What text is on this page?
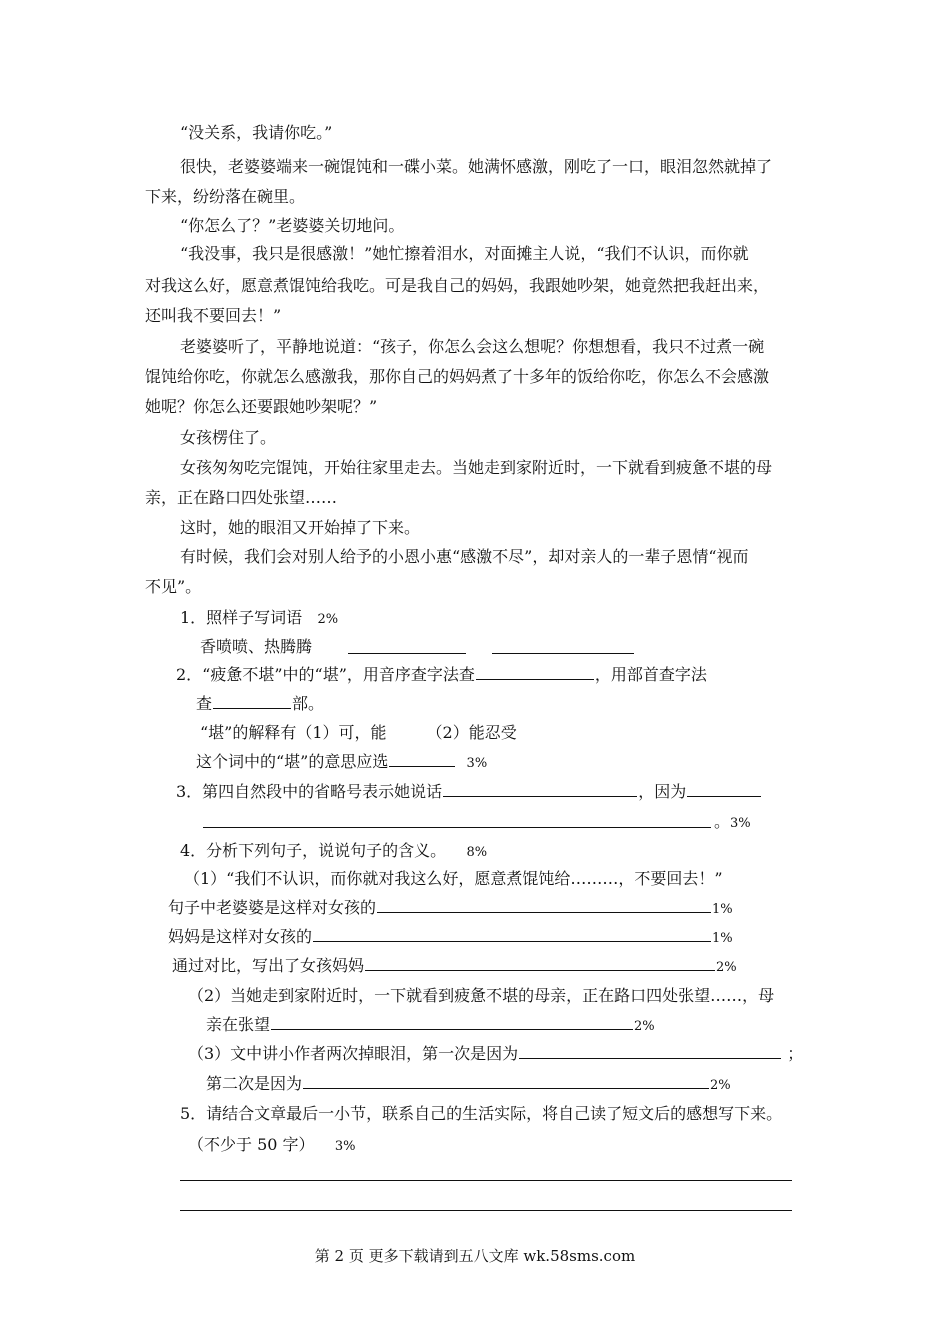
“没关系，我请你吃。”
很快，老婆婆端来一碗馄饨和一碟小菜。她满怀感激，刚吃了一口，眼泪忽然就掉了
下来，纷纷落在碗里。
“你怎么了？”老婆婆关切地问。
“我没事，我只是很感激！”她忙擦着泪水，对面摊主人说，“我们不认识，而你就
对我这么好，愿意煮馄饨给我吃。可是我自己的妈妈，我跟她吵架，她竟然把我赶出来，
还叫我不要回去！”
老婆婆听了，平静地说道：“孩子，你怎么会这么想呢？你想想看，我只不过煮一碗
馄饨给你吃，你就怎么感激我，那你自己的妈妈煮了十多年的饭给你吃，你怎么不会感激
她呢？你怎么还要跟她吵架呢？”
女孩楞住了。
女孩匆匆吃完馄饨，开始往家里走去。当她走到家附近时，一下就看到疲惫不堪的母
亲，正在路口四处张望……
这时，她的眼泪又开始掉了下来。
有时候，我们会对别人给予的小恩小惠“感激不尽”，却对亲人的一辈子恩情“视而
不见”。
1．照样子写词语 2%
香喷喷、热腾腾
2．“疲惫不堪”中的“堪”，用音序查字法查	，用部首查字法
查	部。
“堪”的解释有（1）可，能　　　（2）能忍受
这个词中的“堪”的意思应选	3%
3．第四自然段中的省略号表示她说话	，因为
。3%
4．分析下列句子，说说句子的含义。 8%
（1）“我们不认识，而你就对我这么好，愿意煮馄饨给………，不要回去！”
句子中老婆婆是这样对女孩的	1%
妈妈是这样对女孩的	1%
通过对比，写出了女孩妈妈	2%
（2）当她走到家附近时，一下就看到疲惫不堪的母亲，正在路口四处张望……，母
亲在张望	2%
（3）文中讲小作者两次掉眼泪，第一次是因为	；
第二次是因为	2%
5．请结合文章最后一小节，联系自己的生活实际，将自己读了短文后的感想写下来。
（不少于 50 字） 3%
第 2 页 更多下载请到五八文库 wk.58sms.com
